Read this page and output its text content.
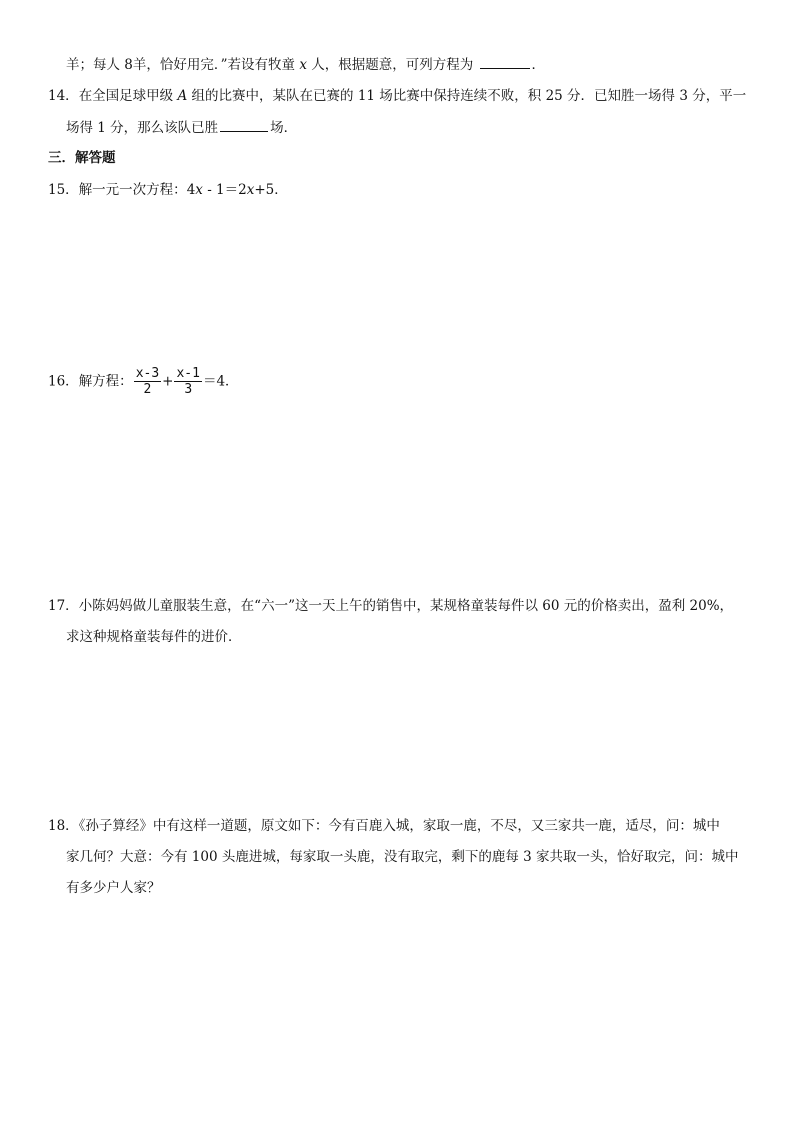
羊；每人 8羊，恰好用完．”若设有牧童 x 人，根据题意，可列方程为	．
14．在全国足球甲级 A 组的比赛中，某队在已赛的 11 场比赛中保持连续不败，积 25 分．已知胜一场得 3 分，平一
场得 1 分，那么该队已胜	场．
三．解答题
15．解一元一次方程：4x - 1＝2x+5．
16．解方程： $\frac{x-3}{2} + \frac{x-1}{3} =4$．
17．小陈妈妈做儿童服装生意，在“六一”这一天上午的销售中，某规格童装每件以 60 元的价格卖出，盈利 20%，
求这种规格童装每件的进价．
18．《孙子算经》中有这样一道题，原文如下：今有百鹿入城，家取一鹿，不尽，又三家共一鹿，适尽，问：城中
家几何？大意：今有 100 头鹿进城，每家取一头鹿，没有取完，剩下的鹿每 3 家共取一头，恰好取完，问：城中
有多少户人家？
